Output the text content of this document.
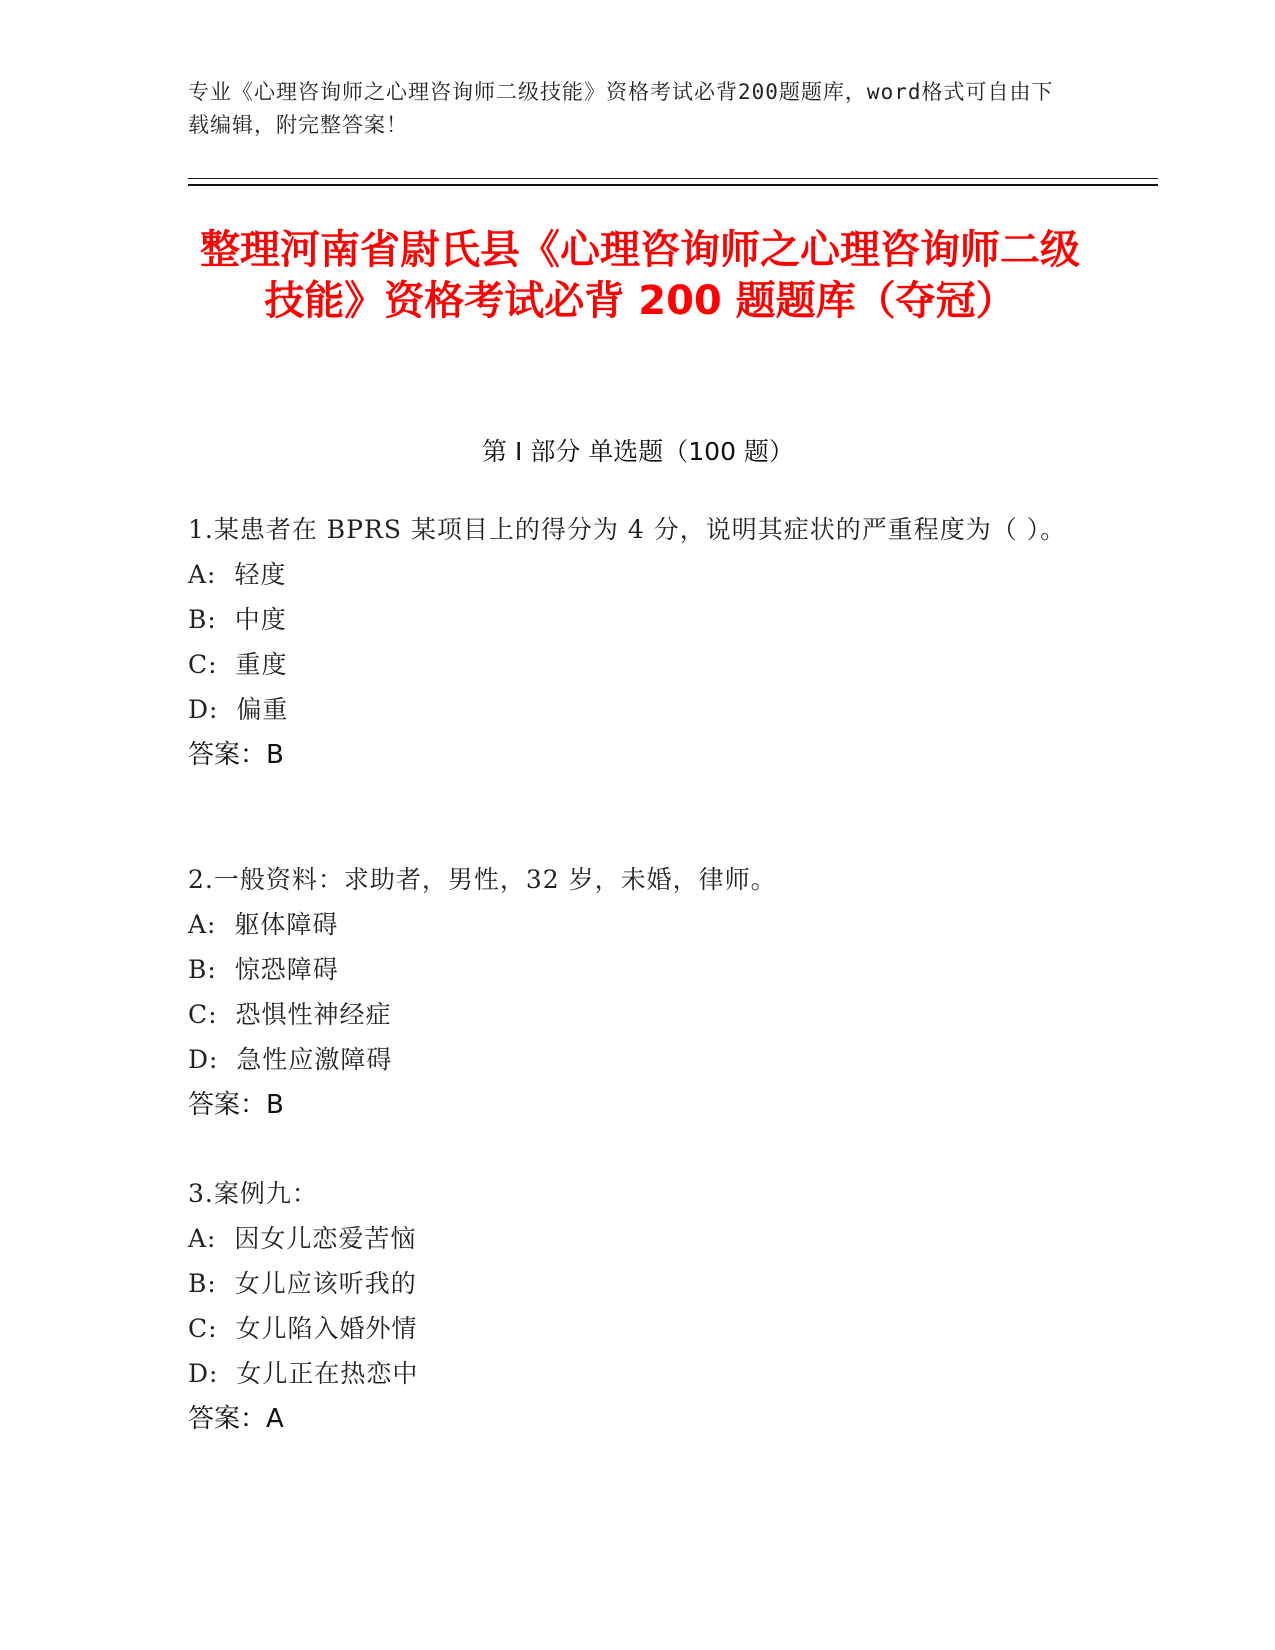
专业《心理咨询师之心理咨询师二级技能》资格考试必背200题题库，word格式可自由下载编辑，附完整答案！
整理河南省尉氏县《心理咨询师之心理咨询师二级技能》资格考试必背 200 题题库（夺冠）
第 I 部分 单选题（100 题）
1.某患者在 BPRS 某项目上的得分为 4 分，说明其症状的严重程度为（ ）。
A:  轻度
B:  中度
C:  重度
D:  偏重
答案：B
2.一般资料：求助者，男性，32 岁，未婚，律师。
A:  躯体障碍
B:  惊恐障碍
C:  恐惧性神经症
D:  急性应激障碍
答案：B
3.案例九：
A:  因女儿恋爱苦恼
B:  女儿应该听我的
C:  女儿陷入婚外情
D:  女儿正在热恋中
答案：A
